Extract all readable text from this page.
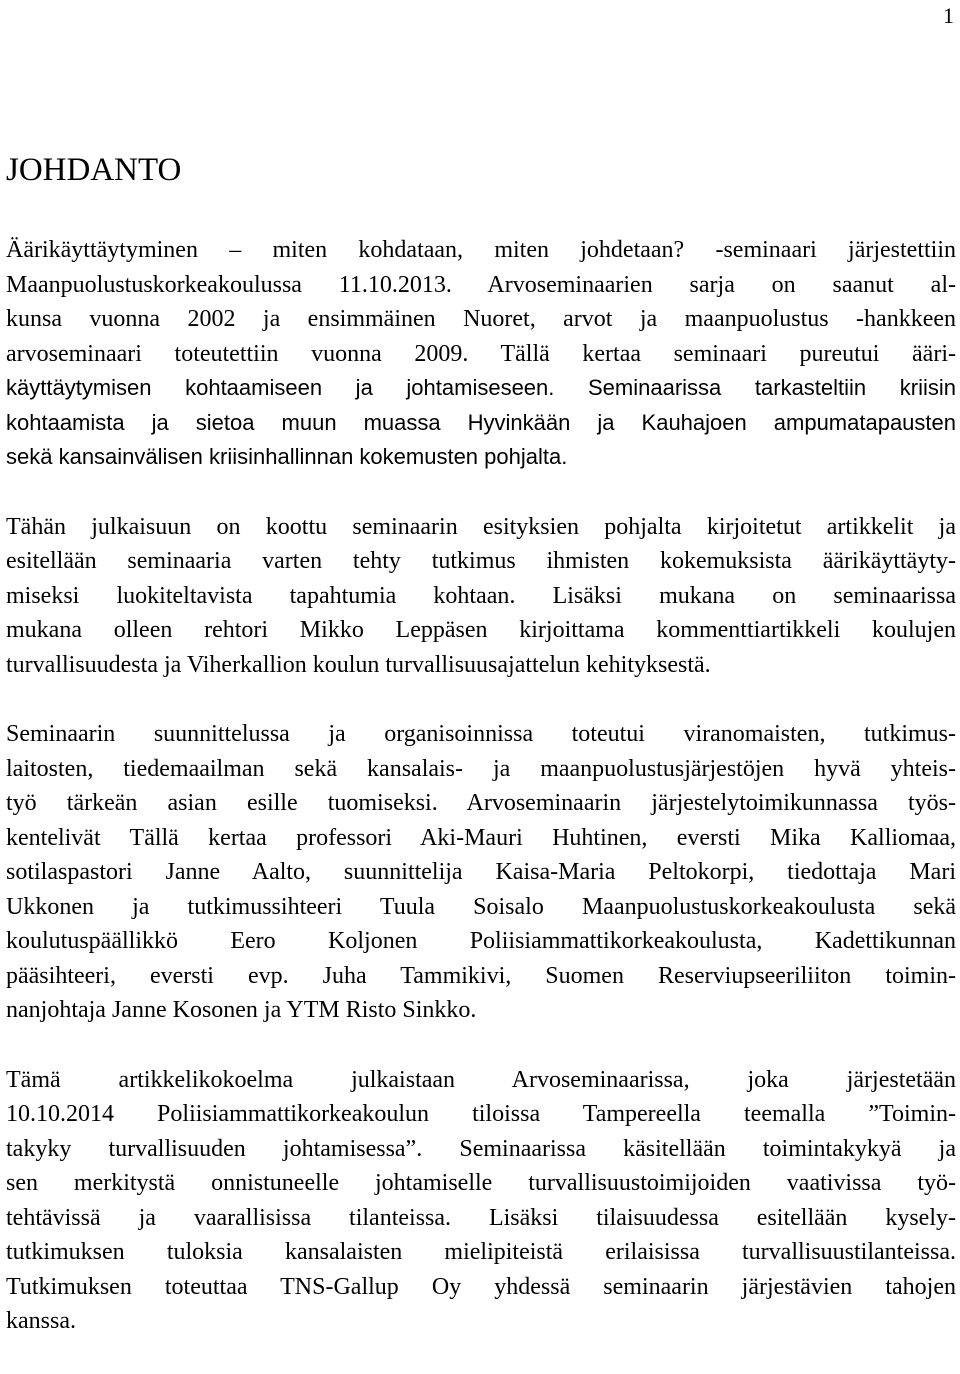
1
JOHDANTO

Äärikäyttäytyminen – miten kohdataan, miten johdetaan? -seminaari järjestettiin
Maanpuolustuskorkeakoulussa 11.10.2013. Arvoseminaarien sarja on saanut al-
kunsa vuonna 2002 ja ensimmäinen Nuoret, arvot ja maanpuolustus -hankkeen
arvoseminaari toteutettiin vuonna 2009. Tällä kertaa seminaari pureutui ääri-
käyttäytymisen kohtaamiseen ja johtamiseseen. Seminaarissa tarkasteltiin kriisin
kohtaamista ja sietoa muun muassa Hyvinkään ja Kauhajoen ampumatapausten
sekä kansainvälisen kriisinhallinnan kokemusten pohjalta.

Tähän julkaisuun on koottu seminaarin esityksien pohjalta kirjoitetut artikkelit ja
esitellään seminaaria varten tehty tutkimus ihmisten kokemuksista äärikäyttäyty-
miseksi luokiteltavista tapahtumia kohtaan. Lisäksi mukana on seminaarissa
mukana olleen rehtori Mikko Leppäsen kirjoittama kommenttiartikkeli koulujen
turvallisuudesta ja Viherkallion koulun turvallisuusajattelun kehityksestä.

Seminaarin suunnittelussa ja organisoinnissa toteutui viranomaisten, tutkimus-
laitosten, tiedemaailman sekä kansalais- ja maanpuolustusjärjestöjen hyvä yhteis-
työ tärkeän asian esille tuomiseksi. Arvoseminaarin järjestelytoimikunnassa työs-
kentelivät Tällä kertaa professori Aki-Mauri Huhtinen, eversti Mika Kalliomaa,
sotilaspastori Janne Aalto, suunnittelija Kaisa-Maria Peltokorpi, tiedottaja Mari
Ukkonen ja tutkimussihteeri Tuula Soisalo Maanpuolustuskorkeakoulusta sekä
koulutuspäällikkö Eero Koljonen Poliisiammattikorkeakoulusta, Kadettikunnan
pääsihteeri, eversti evp. Juha Tammikivi, Suomen Reserviupseeriliiton toimin-
nanjohtaja Janne Kosonen ja YTM Risto Sinkko.

Tämä artikkelikokoelma julkaistaan Arvoseminaarissa, joka järjestetään
10.10.2014 Poliisiammattikorkeakoulun tiloissa Tampereella teemalla ”Toimin-
takyky turvallisuuden johtamisessa”. Seminaarissa käsitellään toimintakykyä ja
sen merkitystä onnistuneelle johtamiselle turvallisuustoimijoiden vaativissa työ-
tehtävissä ja vaarallisissa tilanteissa. Lisäksi tilaisuudessa esitellään kysely-
tutkimuksen tuloksia kansalaisten mielipiteistä erilaisissa turvallisuustilanteissa.
Tutkimuksen toteuttaa TNS-Gallup Oy yhdessä seminaarin järjestävien tahojen
kanssa.
